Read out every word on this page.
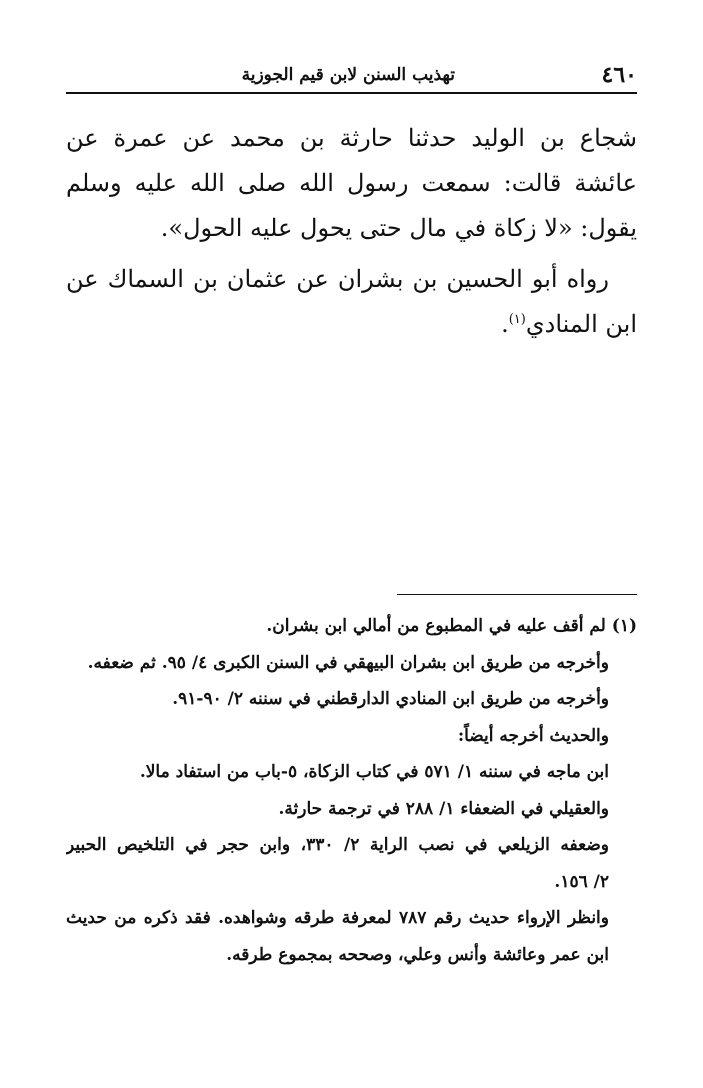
٤٦٠
تهذيب السنن لابن قيم الجوزية

شجاع بن الوليد حدثنا حارثة بن محمد عن عمرة عن عائشة قالت: سمعت رسول الله صلى الله عليه وسلم يقول: «لا زكاة في مال حتى يحول عليه الحول».

رواه أبو الحسين بن بشران عن عثمان بن السماك عن ابن المنادي$^{(١)}$.

(١) لم أقف عليه في المطبوع من أمالي ابن بشران.
وأخرجه من طريق ابن بشران البيهقي في السنن الكبرى ٤/ ٩٥. ثم ضعفه.
وأخرجه من طريق ابن المنادي الدارقطني في سننه ٢/ ٩٠-٩١.
والحديث أخرجه أيضاً:
ابن ماجه في سننه ١/ ٥٧١ في كتاب الزكاة، ٥-باب من استفاد مالا.
والعقيلي في الضعفاء ١/ ٢٨٨ في ترجمة حارثة.
وضعفه الزيلعي في نصب الراية ٢/ ٣٣٠، وابن حجر في التلخيص الحبير
٢/ ١٥٦.
وانظر الإرواء حديث رقم ٧٨٧ لمعرفة طرقه وشواهده. فقد ذكره من حديث
ابن عمر وعائشة وأنس وعلي، وصححه بمجموع طرقه.
